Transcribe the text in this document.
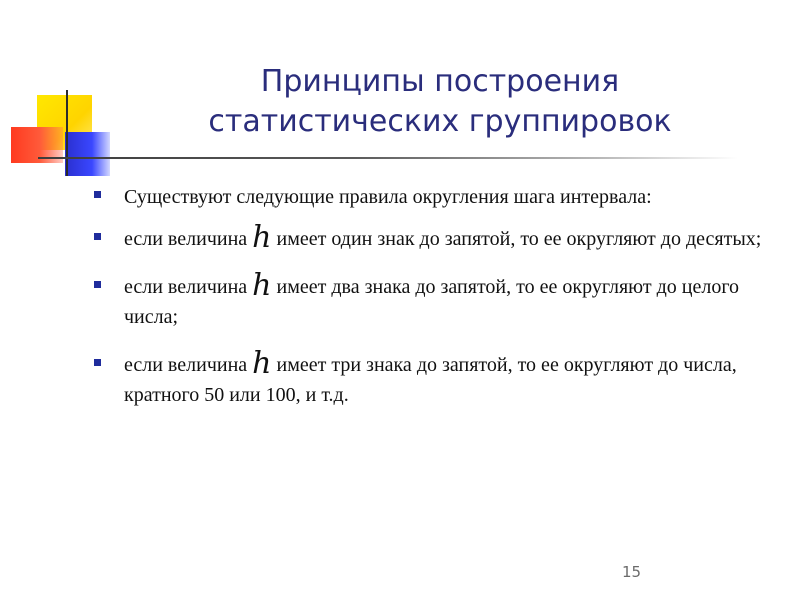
Принципы построения
статистических группировок
Существуют следующие правила округления шага интервала:
если величина h имеет один знак до запятой, то ее округляют до десятых;
если величина h имеет два знака до запятой, то ее округляют до целого числа;
если величина h имеет три знака до запятой, то ее округляют до числа, кратного 50 или 100, и т.д.
15
